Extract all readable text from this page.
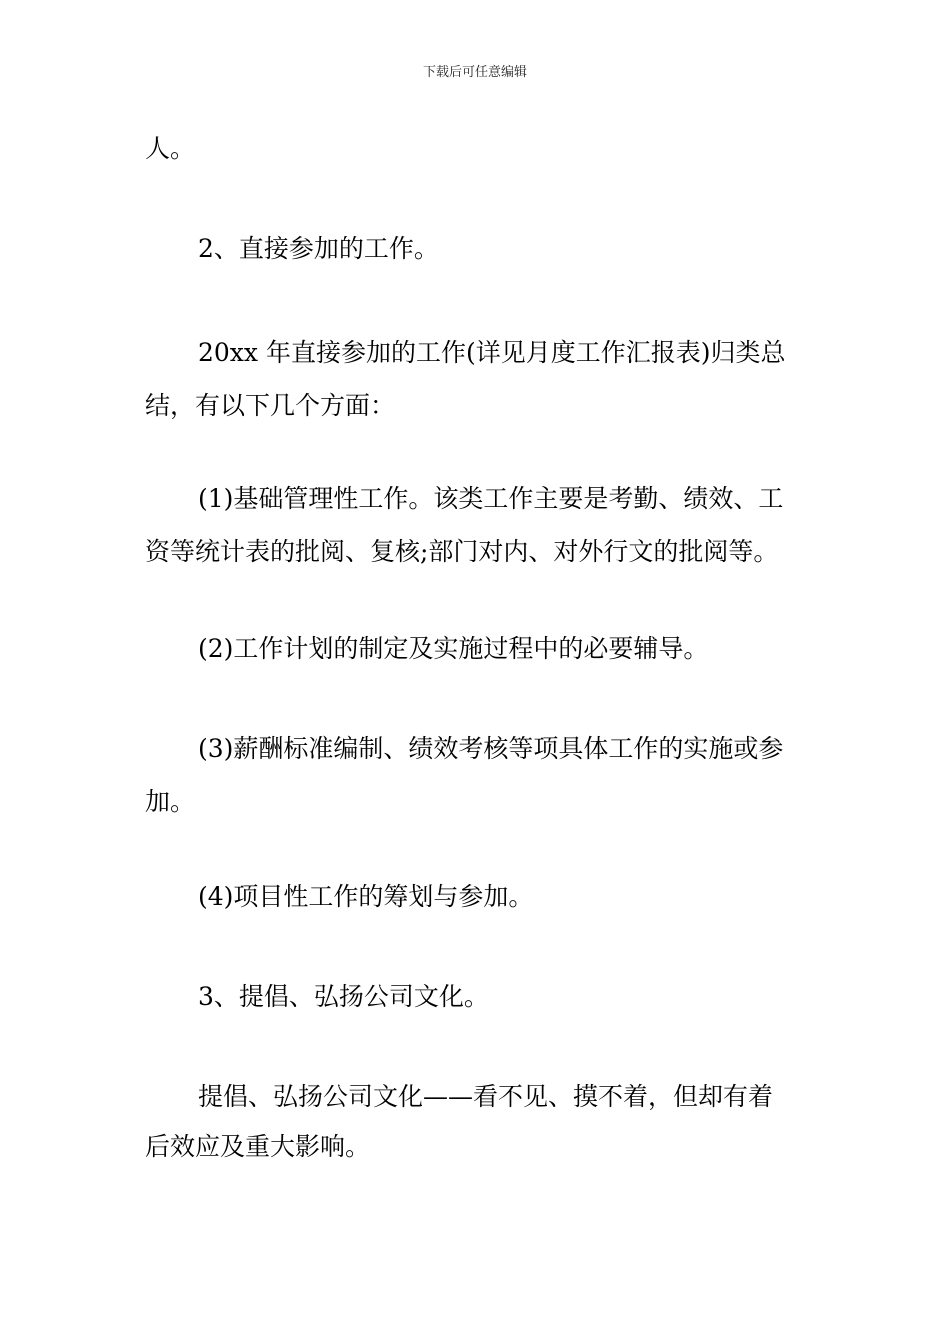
下载后可任意编辑

人。

2、直接参加的工作。

20xx 年直接参加的工作(详见月度工作汇报表)归类总

结，有以下几个方面：

(1)基础管理性工作。该类工作主要是考勤、绩效、工

资等统计表的批阅、复核;部门对内、对外行文的批阅等。

(2)工作计划的制定及实施过程中的必要辅导。

(3)薪酬标准编制、绩效考核等项具体工作的实施或参

加。

(4)项目性工作的筹划与参加。

3、提倡、弘扬公司文化。

提倡、弘扬公司文化——看不见、摸不着，但却有着

后效应及重大影响。
